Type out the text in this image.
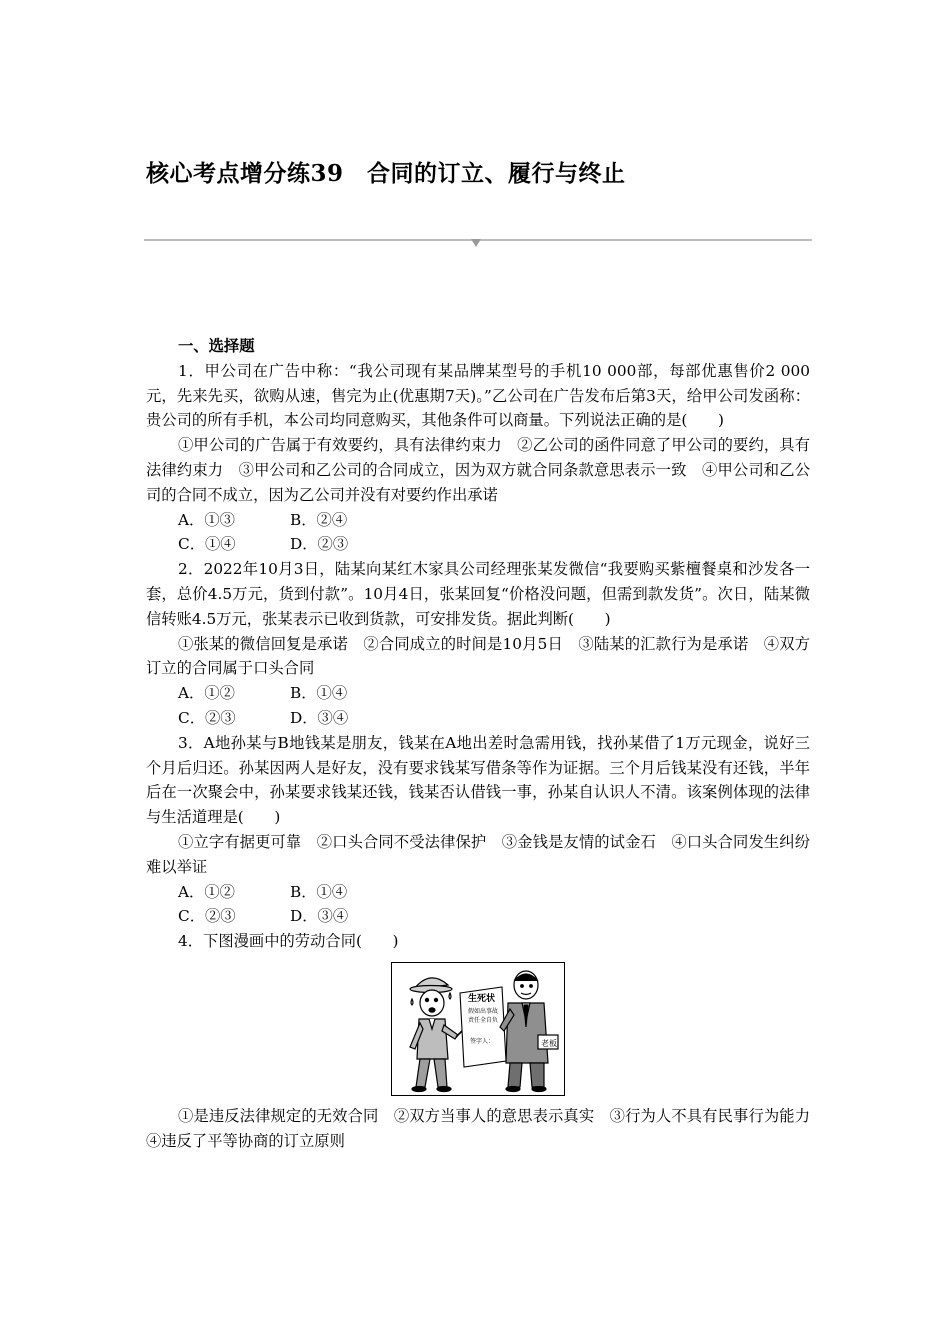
核心考点增分练39　合同的订立、履行与终止

一、选择题

1．甲公司在广告中称：“我公司现有某品牌某型号的手机10 000部，每部优惠售价2 000元，先来先买，欲购从速，售完为止(优惠期7天)。”乙公司在广告发布后第3天，给甲公司发函称：贵公司的所有手机，本公司均同意购买，其他条件可以商量。下列说法正确的是(　　)

①甲公司的广告属于有效要约，具有法律约束力　②乙公司的函件同意了甲公司的要约，具有法律约束力　③甲公司和乙公司的合同成立，因为双方就合同条款意思表示一致　④甲公司和乙公司的合同不成立，因为乙公司并没有对要约作出承诺

A．①③	B．②④
C．①④	D．②③

2．2022年10月3日，陆某向某红木家具公司经理张某发微信“我要购买紫檀餐桌和沙发各一套，总价4.5万元，货到付款”。10月4日，张某回复“价格没问题，但需到款发货”。次日，陆某微信转账4.5万元，张某表示已收到货款，可安排发货。据此判断(　　)

①张某的微信回复是承诺　②合同成立的时间是10月5日　③陆某的汇款行为是承诺　④双方订立的合同属于口头合同

A．①②	B．①④
C．②③	D．③④

3．A地孙某与B地钱某是朋友，钱某在A地出差时急需用钱，找孙某借了1万元现金，说好三个月后归还。孙某因两人是好友，没有要求钱某写借条等作为证据。三个月后钱某没有还钱，半年后在一次聚会中，孙某要求钱某还钱，钱某否认借钱一事，孙某自认识人不清。该案例体现的法律与生活道理是(　　)

①立字有据更可靠　②口头合同不受法律保护　③金钱是友情的试金石　④口头合同发生纠纷难以举证

A．①②	B．①④
C．②③	D．③④

4．下图漫画中的劳动合同(　　)

生死状
假如出事故
责任全自负
签字人：	老 板

①是违反法律规定的无效合同　②双方当事人的意思表示真实　③行为人不具有民事行为能力　④违反了平等协商的订立原则
